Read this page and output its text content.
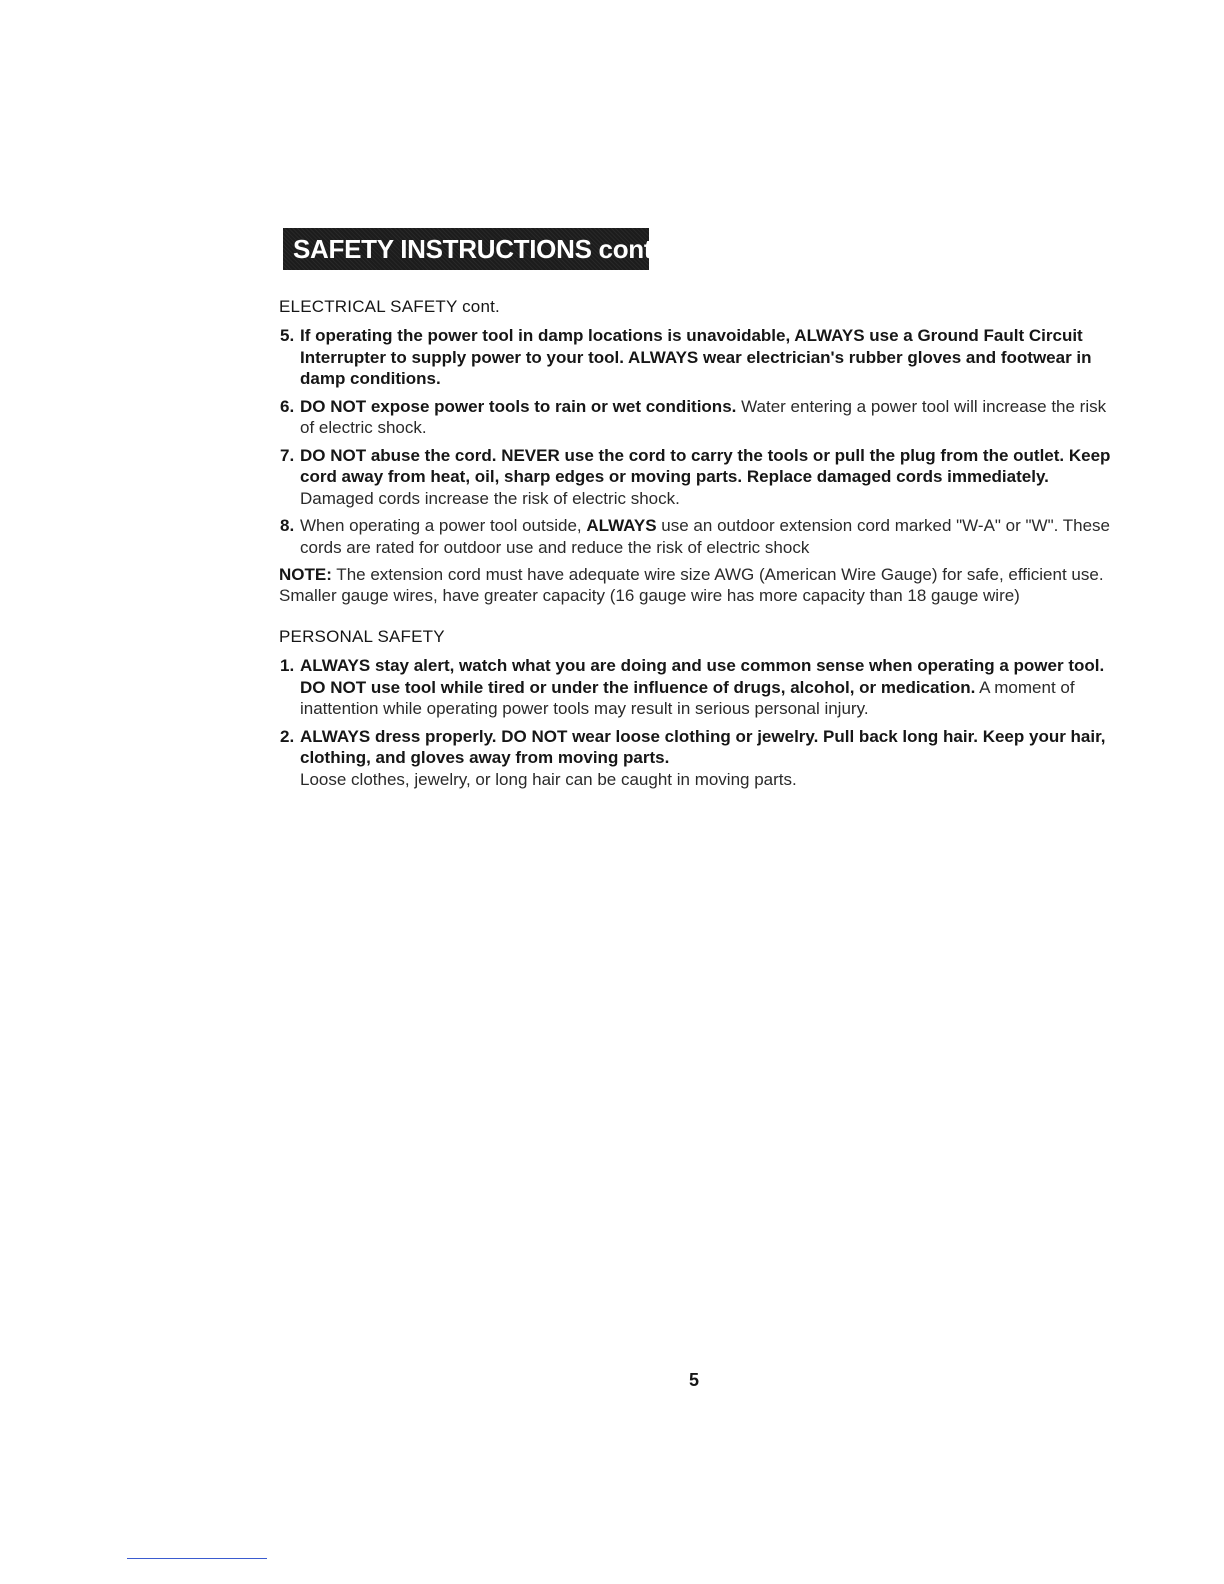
SAFETY INSTRUCTIONS cont.
ELECTRICAL SAFETY cont.
5. If operating the power tool in damp locations is unavoidable, ALWAYS use a Ground Fault Circuit Interrupter to supply power to your tool. ALWAYS wear electrician's rubber gloves and footwear in damp conditions.
6. DO NOT expose power tools to rain or wet conditions. Water entering a power tool will increase the risk of electric shock.
7. DO NOT abuse the cord. NEVER use the cord to carry the tools or pull the plug from the outlet. Keep cord away from heat, oil, sharp edges or moving parts. Replace damaged cords immediately. Damaged cords increase the risk of electric shock.
8. When operating a power tool outside, ALWAYS use an outdoor extension cord marked "W-A" or "W". These cords are rated for outdoor use and reduce the risk of electric shock
NOTE: The extension cord must have adequate wire size AWG (American Wire Gauge) for safe, efficient use. Smaller gauge wires, have greater capacity (16 gauge wire has more capacity than 18 gauge wire)
PERSONAL SAFETY
1. ALWAYS stay alert, watch what you are doing and use common sense when operating a power tool. DO NOT use tool while tired or under the influence of drugs, alcohol, or medication. A moment of inattention while operating power tools may result in serious personal injury.
2. ALWAYS dress properly. DO NOT wear loose clothing or jewelry. Pull back long hair. Keep your hair, clothing, and gloves away from moving parts.
Loose clothes, jewelry, or long hair can be caught in moving parts.
5
